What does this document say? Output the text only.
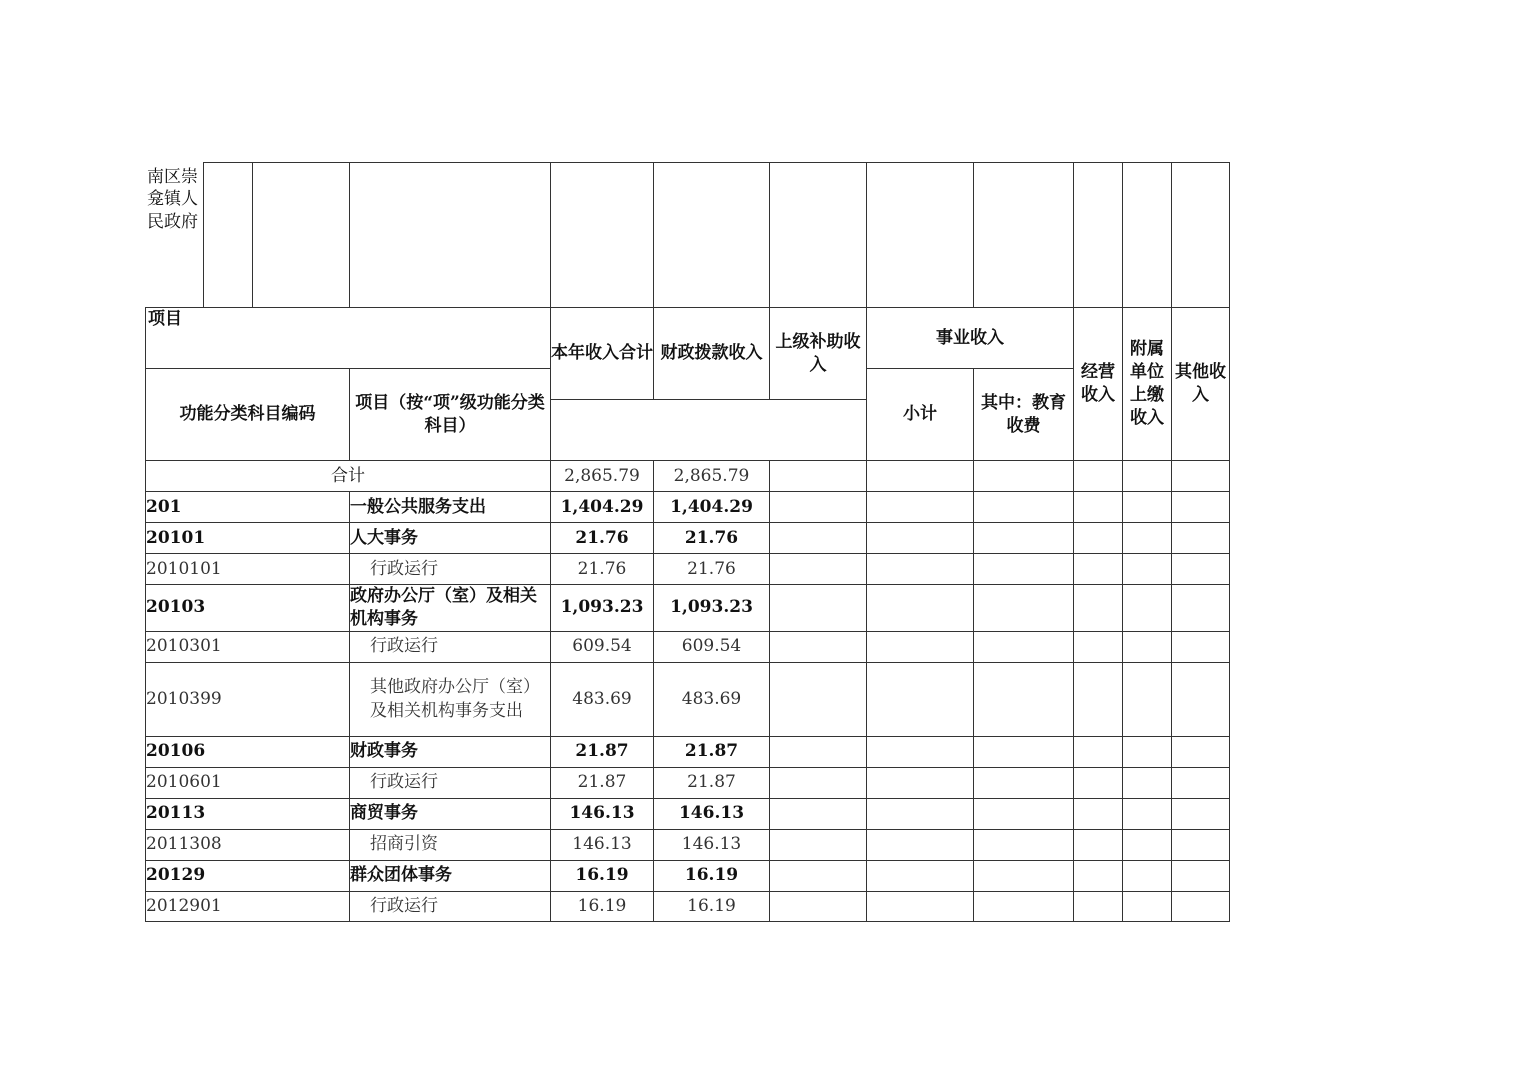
南区崇龛镇人民政府											
项目		本年收入合计	财政拨款收入	上级补助收入	事业收入		经营收入	附属单位上缴收入	其他收入
功能分类科目编码	项目（按“项”级功能分类科目）				小计	其中：教育收费			

合计		2,865.79	2,865.79						
201	一般公共服务支出	1,404.29	1,404.29						
20101	人大事务	21.76	21.76						
2010101	行政运行	21.76	21.76						
20103	政府办公厅（室）及相关机构事务	1,093.23	1,093.23						
2010301	行政运行	609.54	609.54						
2010399	其他政府办公厅（室）及相关机构事务支出	483.69	483.69						
20106	财政事务	21.87	21.87						
2010601	行政运行	21.87	21.87						
20113	商贸事务	146.13	146.13						
2011308	招商引资	146.13	146.13						
20129	群众团体事务	16.19	16.19						
2012901	行政运行	16.19	16.19						
